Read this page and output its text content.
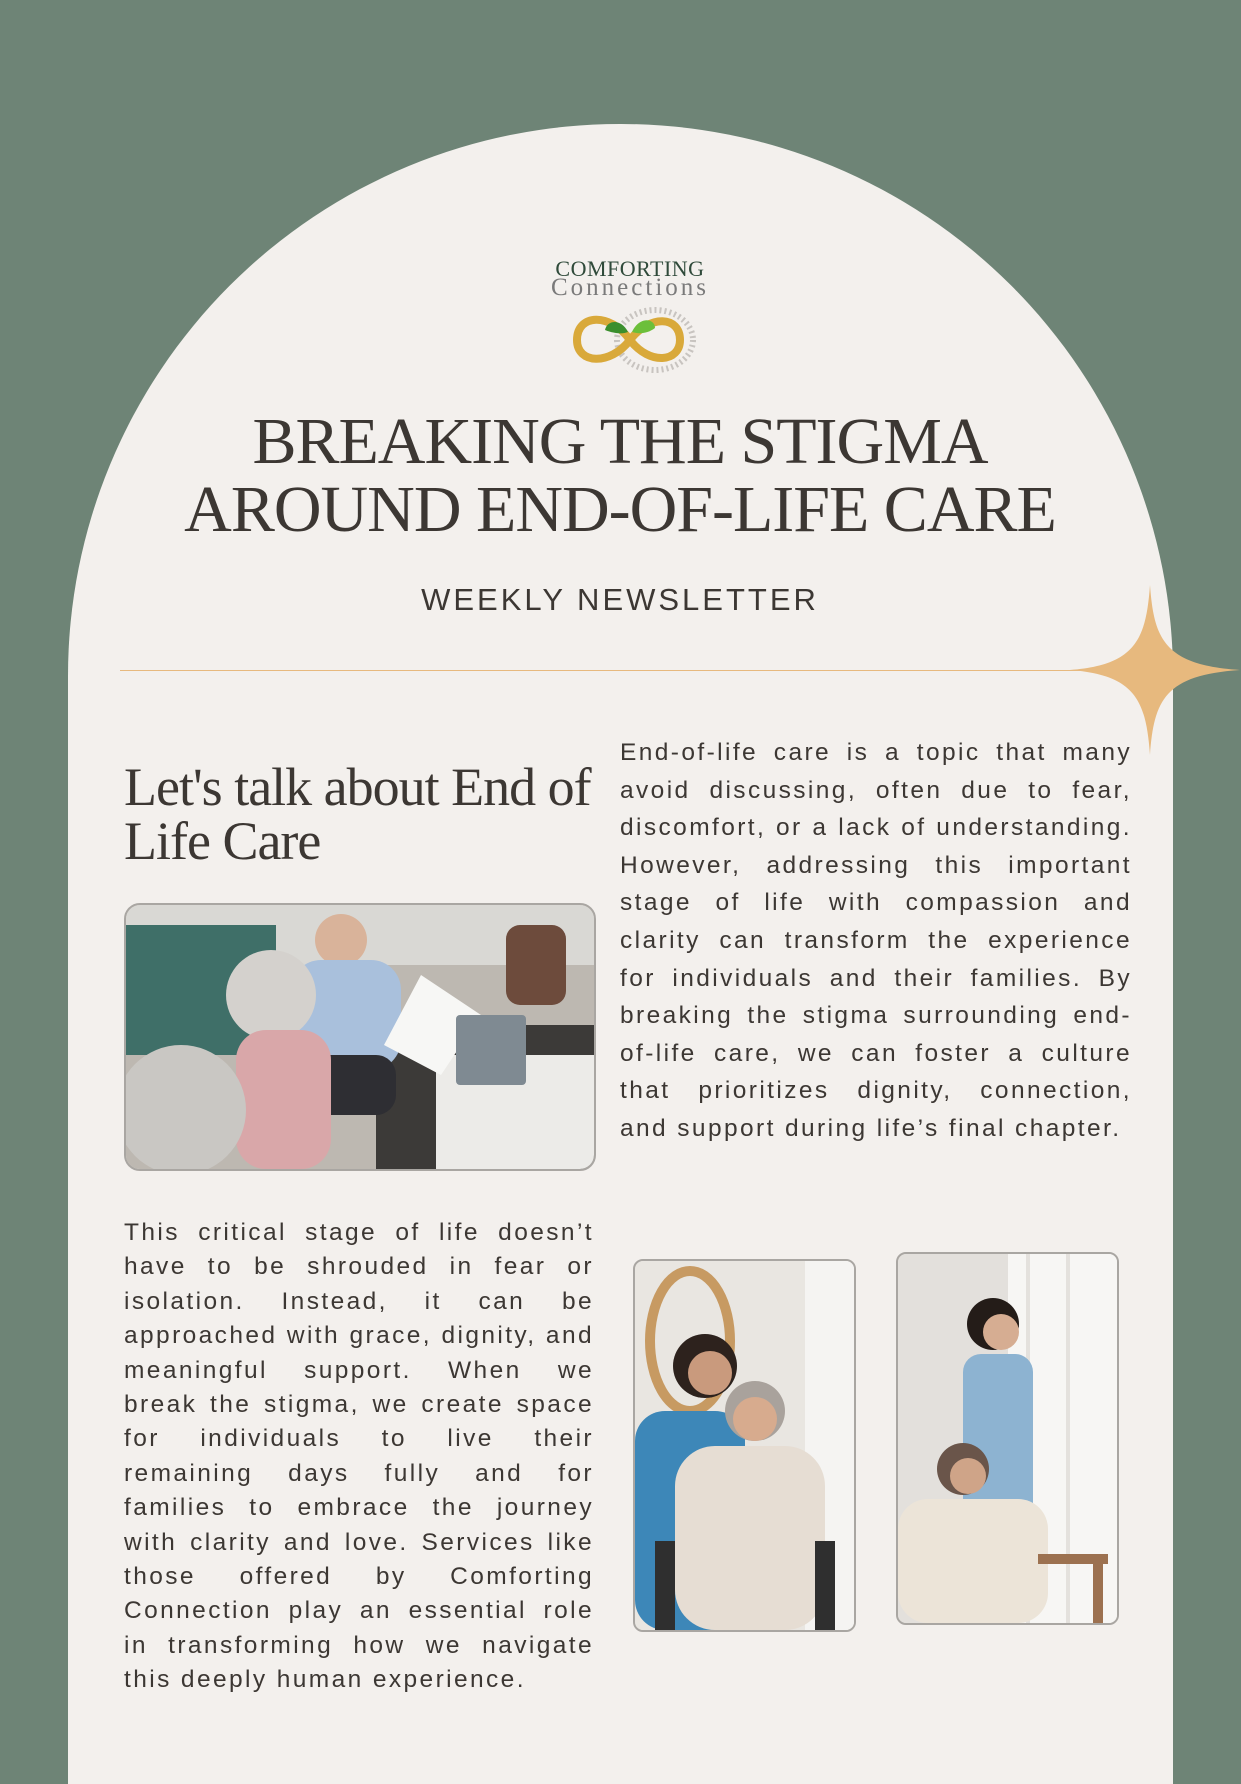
COMFORTING
Connections
BREAKING THE STIGMA AROUND END-OF-LIFE CARE
WEEKLY NEWSLETTER
Let's talk about End of Life Care

End-of-life care is a topic that many avoid discussing, often due to fear, discomfort, or a lack of understanding. However, addressing this important stage of life with compassion and clarity can transform the experience for individuals and their families. By breaking the stigma surrounding end-of-life care, we can foster a culture that prioritizes dignity, connection, and support during life’s final chapter.

This critical stage of life doesn’t have to be shrouded in fear or isolation. Instead, it can be approached with grace, dignity, and meaningful support. When we break the stigma, we create space for individuals to live their remaining days fully and for families to embrace the journey with clarity and love. Services like those offered by Comforting Connection play an essential role in transforming how we navigate this deeply human experience.
